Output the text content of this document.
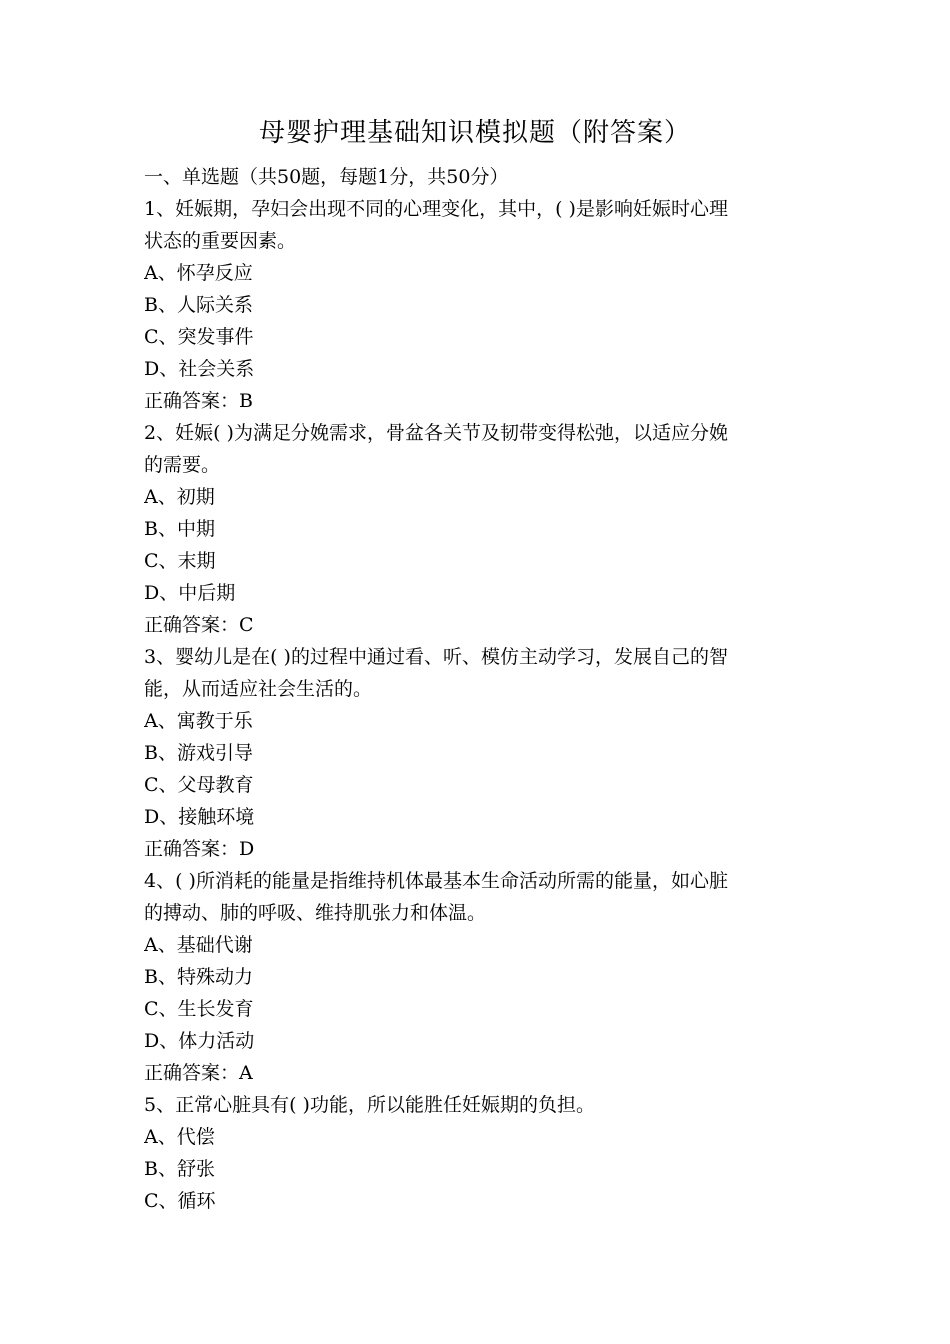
母婴护理基础知识模拟题（附答案）
一、单选题（共50题，每题1分，共50分）
1、妊娠期，孕妇会出现不同的心理变化，其中，( )是影响妊娠时心理
状态的重要因素。
A、怀孕反应
B、人际关系
C、突发事件
D、社会关系
正确答案：B
2、妊娠( )为满足分娩需求，骨盆各关节及韧带变得松弛，以适应分娩
的需要。
A、初期
B、中期
C、末期
D、中后期
正确答案：C
3、婴幼儿是在( )的过程中通过看、听、模仿主动学习，发展自己的智
能，从而适应社会生活的。
A、寓教于乐
B、游戏引导
C、父母教育
D、接触环境
正确答案：D
4、( )所消耗的能量是指维持机体最基本生命活动所需的能量，如心脏
的搏动、肺的呼吸、维持肌张力和体温。
A、基础代谢
B、特殊动力
C、生长发育
D、体力活动
正确答案：A
5、正常心脏具有( )功能，所以能胜任妊娠期的负担。
A、代偿
B、舒张
C、循环
